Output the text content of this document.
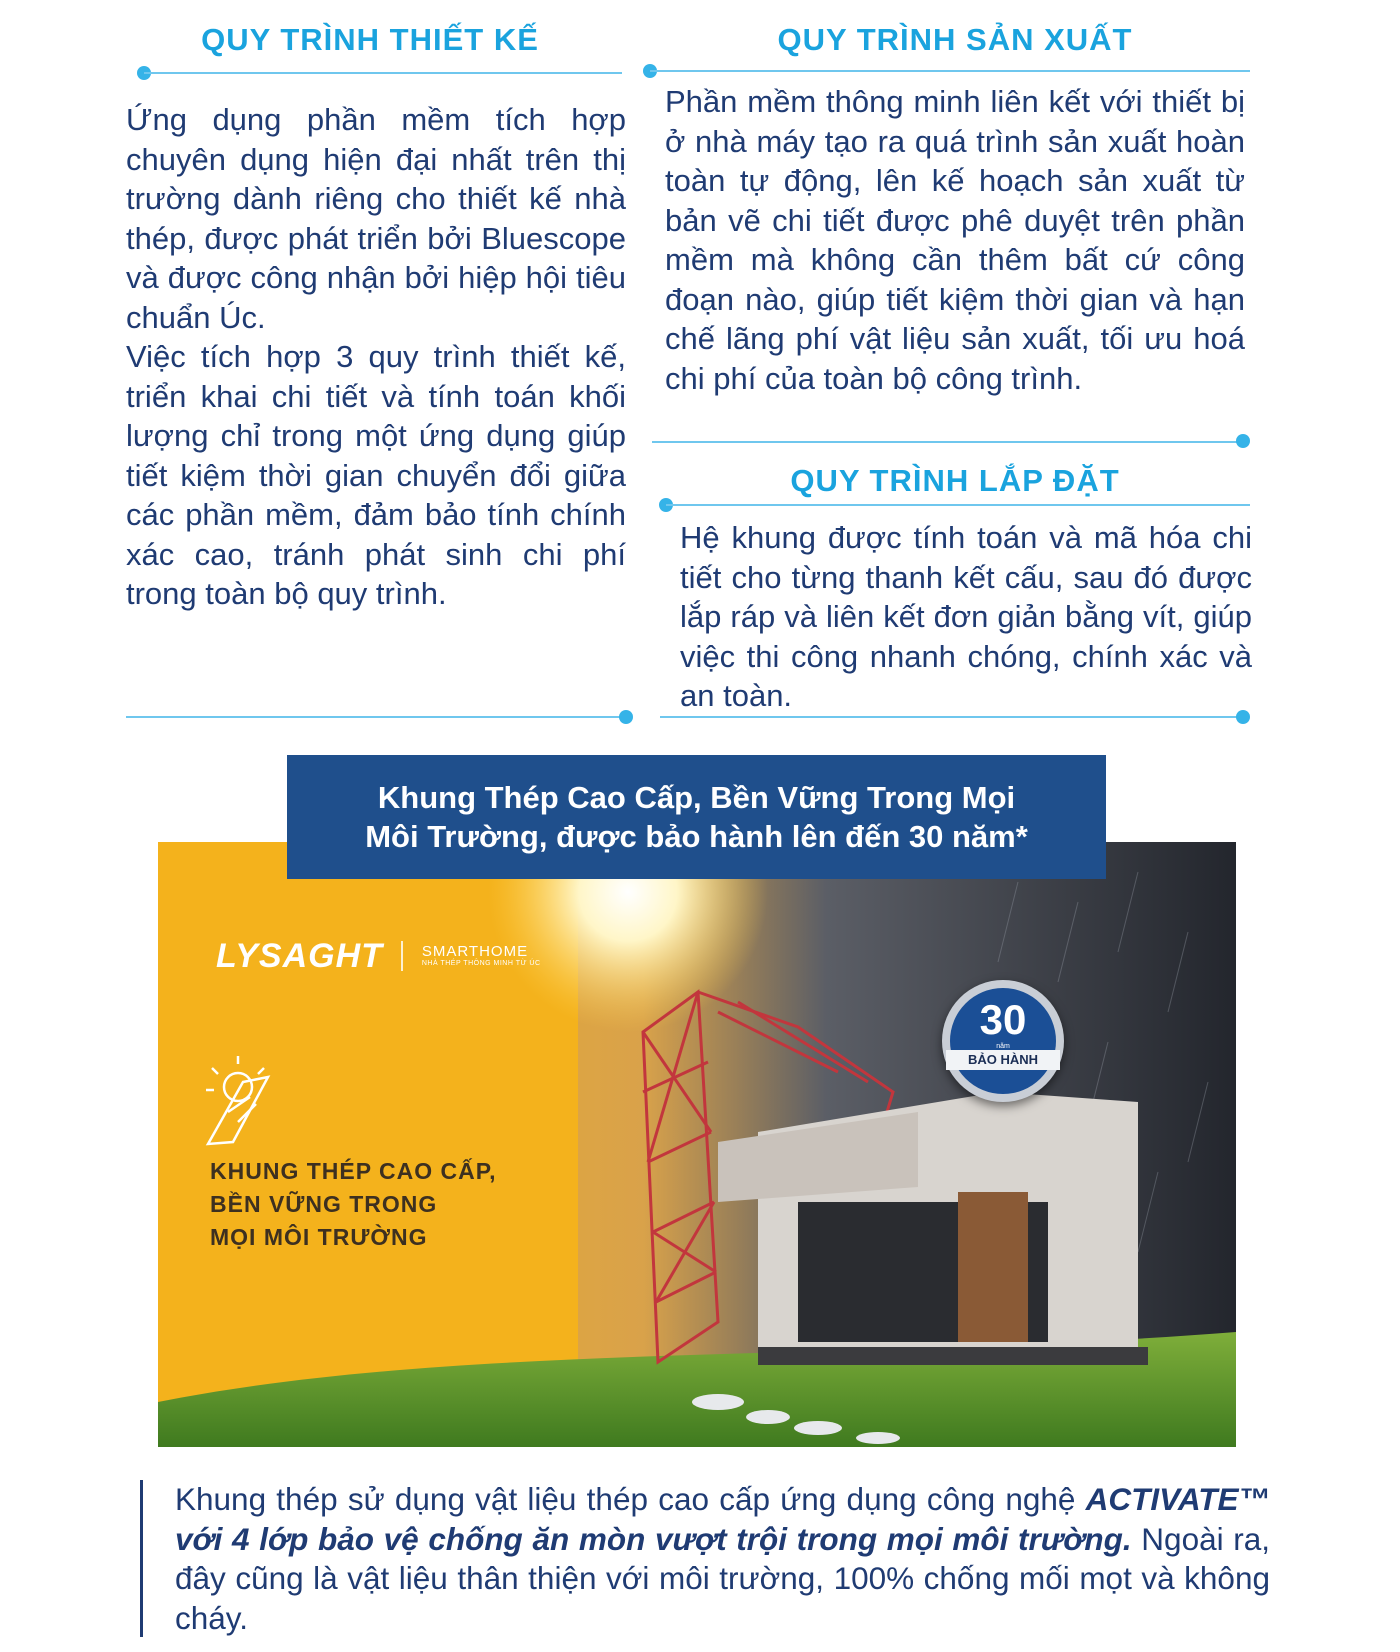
QUY TRÌNH THIẾT KẾ

Ứng dụng phần mềm tích hợp chuyên dụng hiện đại nhất trên thị trường dành riêng cho thiết kế nhà thép, được phát triển bởi Bluescope và được công nhận bởi hiệp hội tiêu chuẩn Úc.

Việc tích hợp 3 quy trình thiết kế, triển khai chi tiết và tính toán khối lượng chỉ trong một ứng dụng giúp tiết kiệm thời gian chuyển đổi giữa các phần mềm, đảm bảo tính chính xác cao, tránh phát sinh chi phí trong toàn bộ quy trình.

QUY TRÌNH SẢN XUẤT
Phần mềm thông minh liên kết với thiết bị ở nhà máy tạo ra quá trình sản xuất hoàn toàn tự động, lên kế hoạch sản xuất từ bản vẽ chi tiết được phê duyệt trên phần mềm mà không cần thêm bất cứ công đoạn nào, giúp tiết kiệm thời gian và hạn chế lãng phí vật liệu sản xuất, tối ưu hoá chi phí của toàn bộ công trình.
QUY TRÌNH LẮP ĐẶT
Hệ khung được tính toán và mã hóa chi tiết cho từng thanh kết cấu, sau đó được lắp ráp và liên kết đơn giản bằng vít, giúp việc thi công nhanh chóng, chính xác và an toàn.
Khung Thép Cao Cấp, Bền Vững Trong Mọi
Môi Trường, được bảo hành lên đến 30 năm*
LYSAGHT	SMARTHOME
NHÀ THÉP THÔNG MINH TỪ ÚC
KHUNG THÉP CAO CẤP,
BỀN VỮNG TRONG
MỌI MÔI TRƯỜNG
30
năm
BẢO HÀNH

Khung thép sử dụng vật liệu thép cao cấp ứng dụng công nghệ ACTIVATE™ với 4 lớp bảo vệ chống ăn mòn vượt trội trong mọi môi trường. Ngoài ra, đây cũng là vật liệu thân thiện với môi trường, 100% chống mối mọt và không cháy.
